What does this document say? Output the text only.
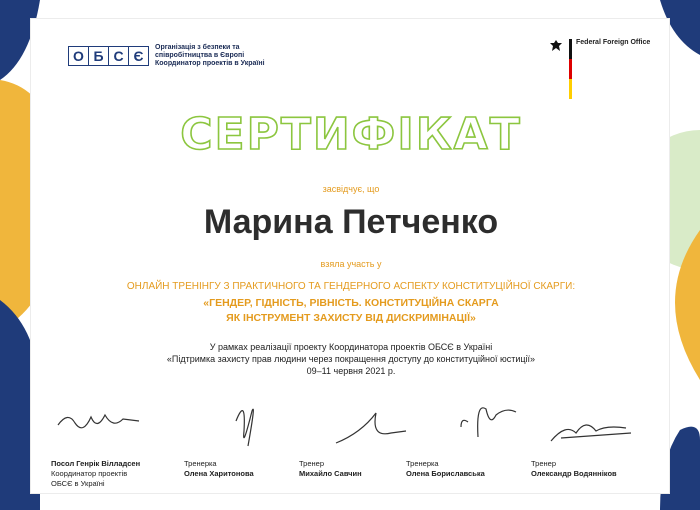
О Б С Є
Організація з безпеки та
співробітництва в Європі
Координатор проектів в Україні
Federal Foreign Office
СЕРТИФІКАТ
засвідчує, що
Марина Петченко
взяла участь у
ОНЛАЙН ТРЕНІНГУ З ПРАКТИЧНОГО ТА ГЕНДЕРНОГО АСПЕКТУ КОНСТИТУЦІЙНОЇ СКАРГИ:
«ГЕНДЕР, ГІДНІСТЬ, РІВНІСТЬ. КОНСТИТУЦІЙНА СКАРГА
ЯК ІНСТРУМЕНТ ЗАХИСТУ ВІД ДИСКРИМІНАЦІЇ»
У рамках реалізації проекту Координатора проектів ОБСЄ в Україні
«Підтримка захисту прав людини через покращення доступу до конституційної юстиції»
09–11 червня 2021 р.
Посол Генрік Вілладсен
Координатор проектів
ОБСЄ в Україні
Тренерка
Олена Харитонова
Тренер
Михайло Савчин
Тренерка
Олена Бориславська
Тренер
Олександр Водянніков
